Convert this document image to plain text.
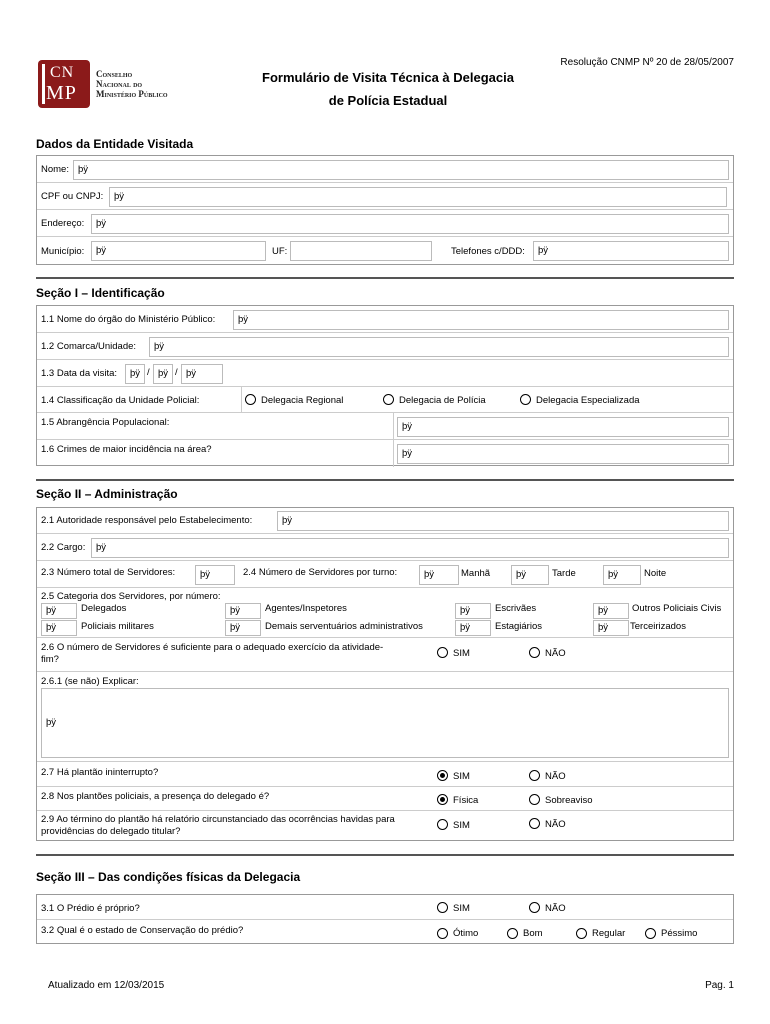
Resolução CNMP Nº 20 de 28/05/2007
CN
MP
Conselho
Nacional do
Ministério Público
Formulário de Visita Técnica à Delegacia
de Polícia Estadual
Dados da Entidade Visitada
Nome: þÿ
CPF ou CNPJ:	þÿ
Endereço:	þÿ
Município:	þÿ	UF:	Telefones c/DDD:	þÿ
Seção I – Identificação
1.1 Nome do órgão do Ministério Público:	þÿ
1.2 Comarca/Unidade:	þÿ
1.3 Data da visita:	þÿ / þÿ / þÿ
1.4 Classificação da Unidade Policial:	Delegacia Regional	Delegacia de Polícia	Delegacia Especializada
1.5 Abrangência Populacional:	þÿ
1.6 Crimes de maior incidência na área?	þÿ
Seção II – Administração
2.1 Autoridade responsável pelo Estabelecimento:	þÿ
2.2 Cargo:	þÿ
2.3 Número total de Servidores:	þÿ	2.4 Número de Servidores por turno:	þÿ	Manhã	þÿ	Tarde	þÿ	Noite
2.5 Categoria dos Servidores, por número:
þÿ	Delegados	þÿ	Agentes/Inspetores	þÿ	Escrivães	þÿ	Outros Policiais Civis
þÿ	Policiais militares	þÿ	Demais serventuários administrativos	þÿ	Estagiários	þÿ	Terceirizados
2.6 O número de Servidores é suficiente para o adequado exercício da atividade-
fim?
SIM	NÃO
2.6.1 (se não) Explicar:
þÿ
2.7 Há plantão ininterrupto?	SIM	NÃO
2.8 Nos plantões policiais, a presença do delegado é?	Física	Sobreaviso
2.9 Ao término do plantão há relatório circunstanciado das ocorrências havidas para
providências do delegado titular?
SIM	NÃO
Seção III – Das condições físicas da Delegacia
3.1 O Prédio é próprio?	SIM	NÃO
3.2 Qual é o estado de Conservação do prédio?	Ótimo	Bom	Regular	Péssimo
Atualizado em 12/03/2015	Pag. 1
